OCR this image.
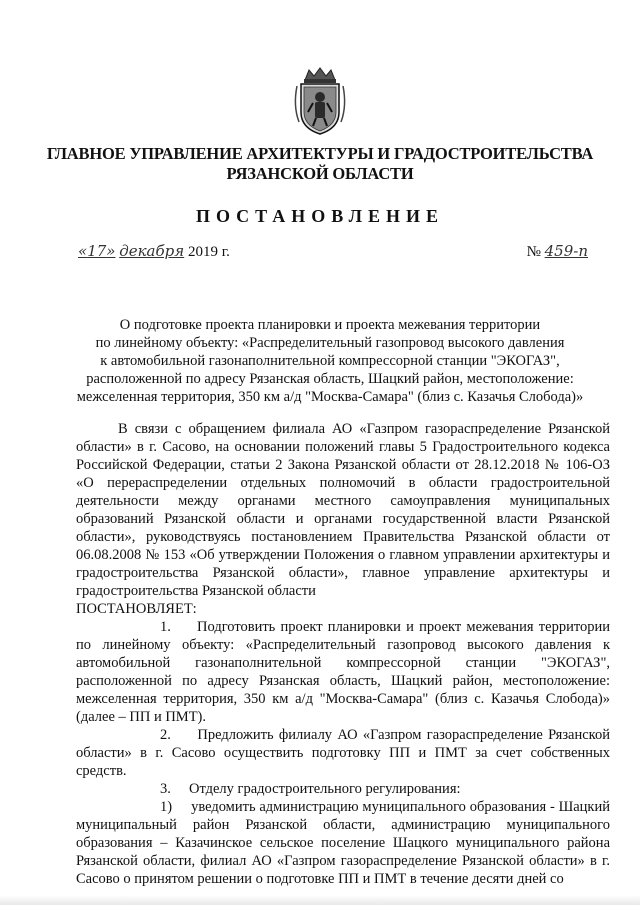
ГЛАВНОЕ УПРАВЛЕНИЕ АРХИТЕКТУРЫ И ГРАДОСТРОИТЕЛЬСТВА
РЯЗАНСКОЙ ОБЛАСТИ
ПОСТАНОВЛЕНИЕ
«17» декабря 2019 г.	№ 459-п
О подготовке проекта планировки и проекта межевания территории
по линейному объекту: «Распределительный газопровод высокого давления
к автомобильной газонаполнительной компрессорной станции "ЭКОГАЗ",
расположенной по адресу Рязанская область, Шацкий район, местоположение:
межселенная территория, 350 км а/д "Москва-Самара" (близ с. Казачья Слобода)»

В связи с обращением филиала АО «Газпром газораспределение Рязанской области» в г. Сасово, на основании положений главы 5 Градостроительного кодекса Российской Федерации, статьи 2 Закона Рязанской области от 28.12.2018 № 106-ОЗ «О перераспределении отдельных полномочий в области градостроительной деятельности между органами местного самоуправления муниципальных образований Рязанской области и органами государственной власти Рязанской области», руководствуясь постановлением Правительства Рязанской области от 06.08.2008 № 153 «Об утверждении Положения о главном управлении архитектуры и градостроительства Рязанской области», главное управление архитектуры и градостроительства Рязанской области

ПОСТАНОВЛЯЕТ:

1. Подготовить проект планировки и проект межевания территории по линейному объекту: «Распределительный газопровод высокого давления к автомобильной газонаполнительной компрессорной станции "ЭКОГАЗ", расположенной по адресу Рязанская область, Шацкий район, местоположение: межселенная территория, 350 км а/д "Москва-Самара" (близ с. Казачья Слобода)» (далее – ПП и ПМТ).

2. Предложить филиалу АО «Газпром газораспределение Рязанской области» в г. Сасово осуществить подготовку ПП и ПМТ за счет собственных средств.

3. Отделу градостроительного регулирования:

1) уведомить администрацию муниципального образования - Шацкий муниципальный район Рязанской области, администрацию муниципального образования – Казачинское сельское поселение Шацкого муниципального района Рязанской области, филиал АО «Газпром газораспределение Рязанской области» в г. Сасово о принятом решении о подготовке ПП и ПМТ в течение десяти дней со
